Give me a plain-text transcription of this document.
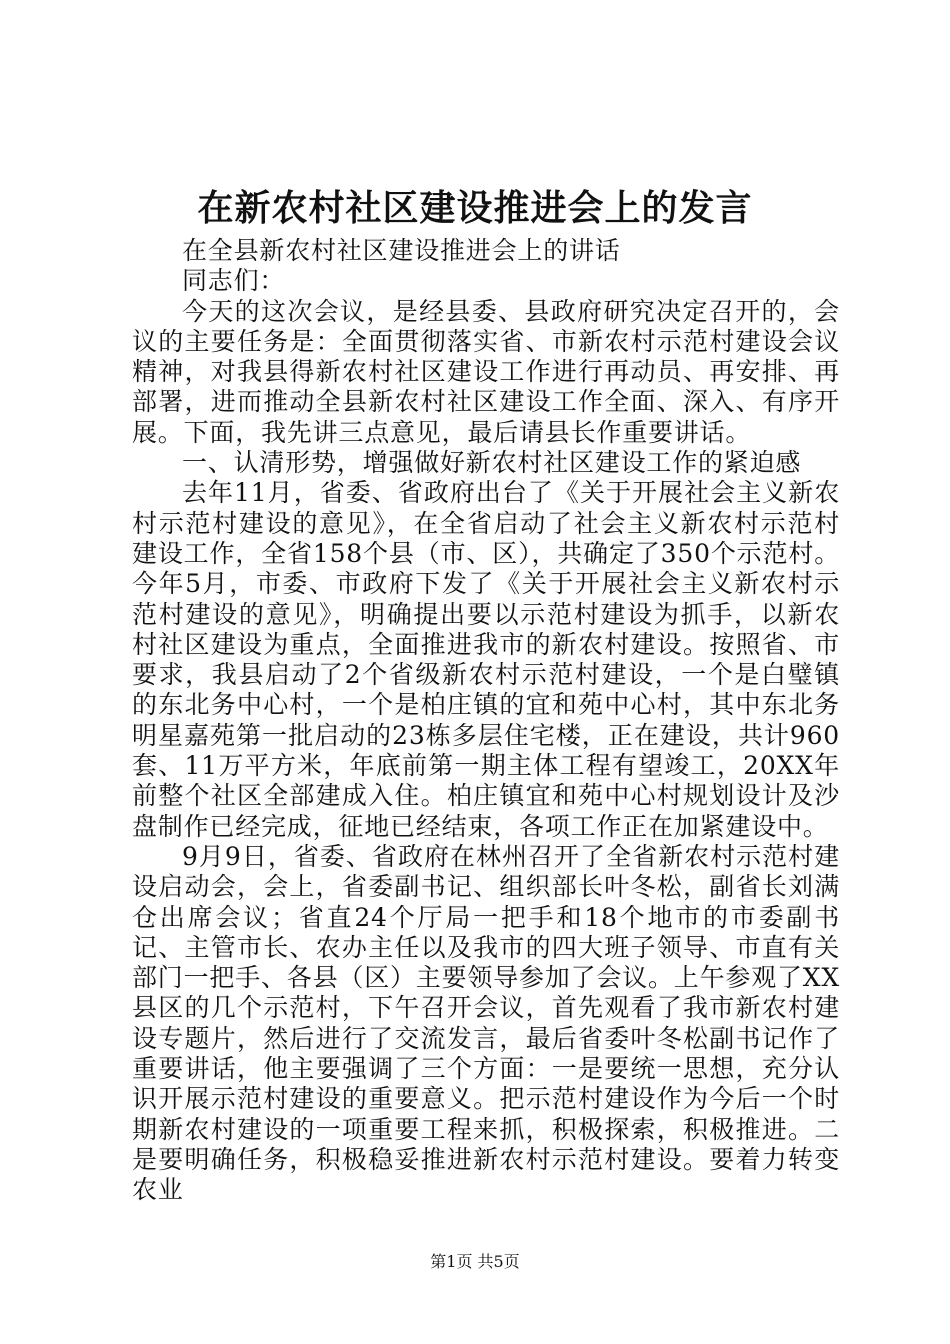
在新农村社区建设推进会上的发言

在全县新农村社区建设推进会上的讲话

同志们：

今天的这次会议，是经县委、县政府研究决定召开的，会议的主要任务是：全面贯彻落实省、市新农村示范村建设会议精神，对我县得新农村社区建设工作进行再动员、再安排、再部署，进而推动全县新农村社区建设工作全面、深入、有序开展。下面，我先讲三点意见，最后请县长作重要讲话。

一、认清形势，增强做好新农村社区建设工作的紧迫感

去年11月，省委、省政府出台了《关于开展社会主义新农村示范村建设的意见》，在全省启动了社会主义新农村示范村建设工作，全省158个县（市、区），共确定了350个示范村。今年5月，市委、市政府下发了《关于开展社会主义新农村示范村建设的意见》，明确提出要以示范村建设为抓手，以新农村社区建设为重点，全面推进我市的新农村建设。按照省、市要求，我县启动了2个省级新农村示范村建设，一个是白璧镇的东北务中心村，一个是柏庄镇的宜和苑中心村，其中东北务明星嘉苑第一批启动的23栋多层住宅楼，正在建设，共计960套、11万平方米，年底前第一期主体工程有望竣工，20XX年前整个社区全部建成入住。柏庄镇宜和苑中心村规划设计及沙盘制作已经完成，征地已经结束，各项工作正在加紧建设中。

9月9日，省委、省政府在林州召开了全省新农村示范村建设启动会，会上，省委副书记、组织部长叶冬松，副省长刘满仓出席会议；省直24个厅局一把手和18个地市的市委副书记、主管市长、农办主任以及我市的四大班子领导、市直有关部门一把手、各县（区）主要领导参加了会议。上午参观了XX县区的几个示范村，下午召开会议，首先观看了我市新农村建设专题片，然后进行了交流发言，最后省委叶冬松副书记作了重要讲话，他主要强调了三个方面：一是要统一思想，充分认识开展示范村建设的重要意义。把示范村建设作为今后一个时期新农村建设的一项重要工程来抓，积极探索，积极推进。二是要明确任务，积极稳妥推进新农村示范村建设。要着力转变农业

第1页 共5页
